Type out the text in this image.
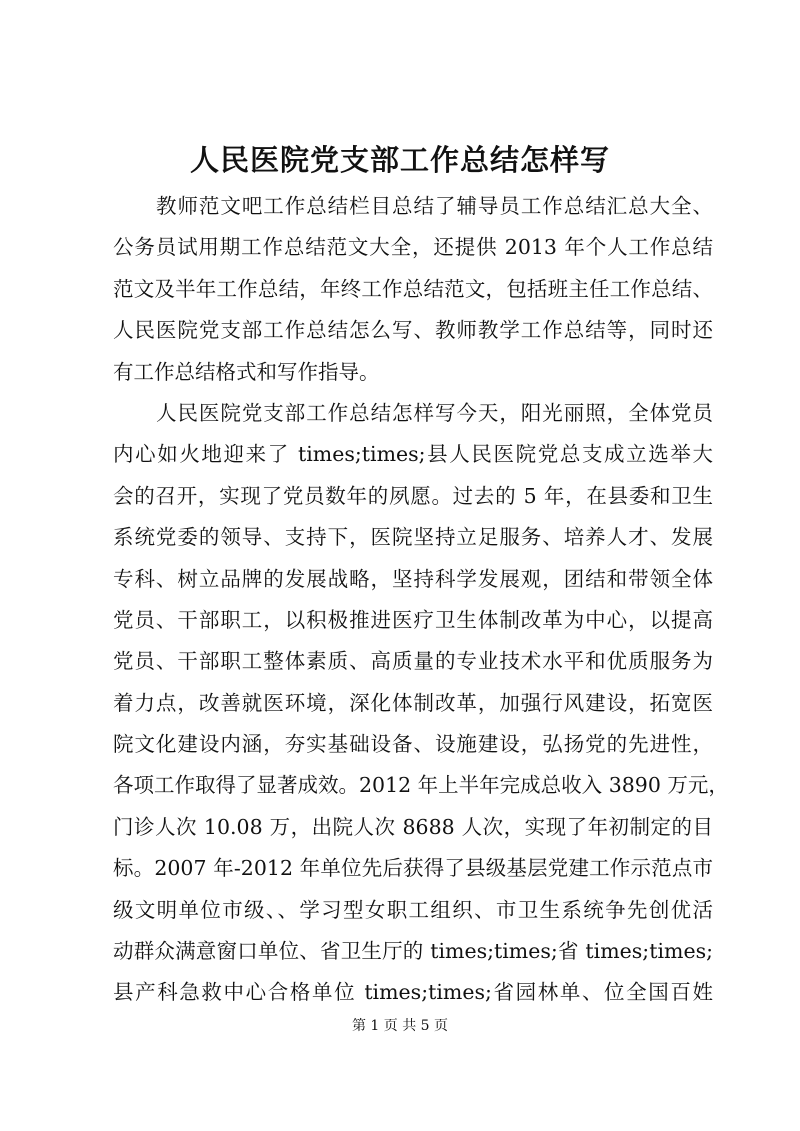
人民医院党支部工作总结怎样写
教师范文吧工作总结栏目总结了辅导员工作总结汇总大全、
公务员试用期工作总结范文大全，还提供 2013 年个人工作总结
范文及半年工作总结，年终工作总结范文，包括班主任工作总结、
人民医院党支部工作总结怎么写、教师教学工作总结等，同时还
有工作总结格式和写作指导。
人民医院党支部工作总结怎样写今天，阳光丽照，全体党员
内心如火地迎来了 times;times;县人民医院党总支成立选举大
会的召开，实现了党员数年的夙愿。过去的 5 年，在县委和卫生
系统党委的领导、支持下，医院坚持立足服务、培养人才、发展
专科、树立品牌的发展战略，坚持科学发展观，团结和带领全体
党员、干部职工，以积极推进医疗卫生体制改革为中心，以提高
党员、干部职工整体素质、高质量的专业技术水平和优质服务为
着力点，改善就医环境，深化体制改革，加强行风建设，拓宽医
院文化建设内涵，夯实基础设备、设施建设，弘扬党的先进性，
各项工作取得了显著成效。2012 年上半年完成总收入 3890 万元，
门诊人次 10.08 万，出院人次 8688 人次，实现了年初制定的目
标。2007 年-2012 年单位先后获得了县级基层党建工作示范点市
级文明单位市级、、学习型女职工组织、市卫生系统争先创优活
动群众满意窗口单位、省卫生厅的 times;times;省 times;times;
县产科急救中心合格单位 times;times;省园林单、位全国百姓
第 1 页 共 5 页
